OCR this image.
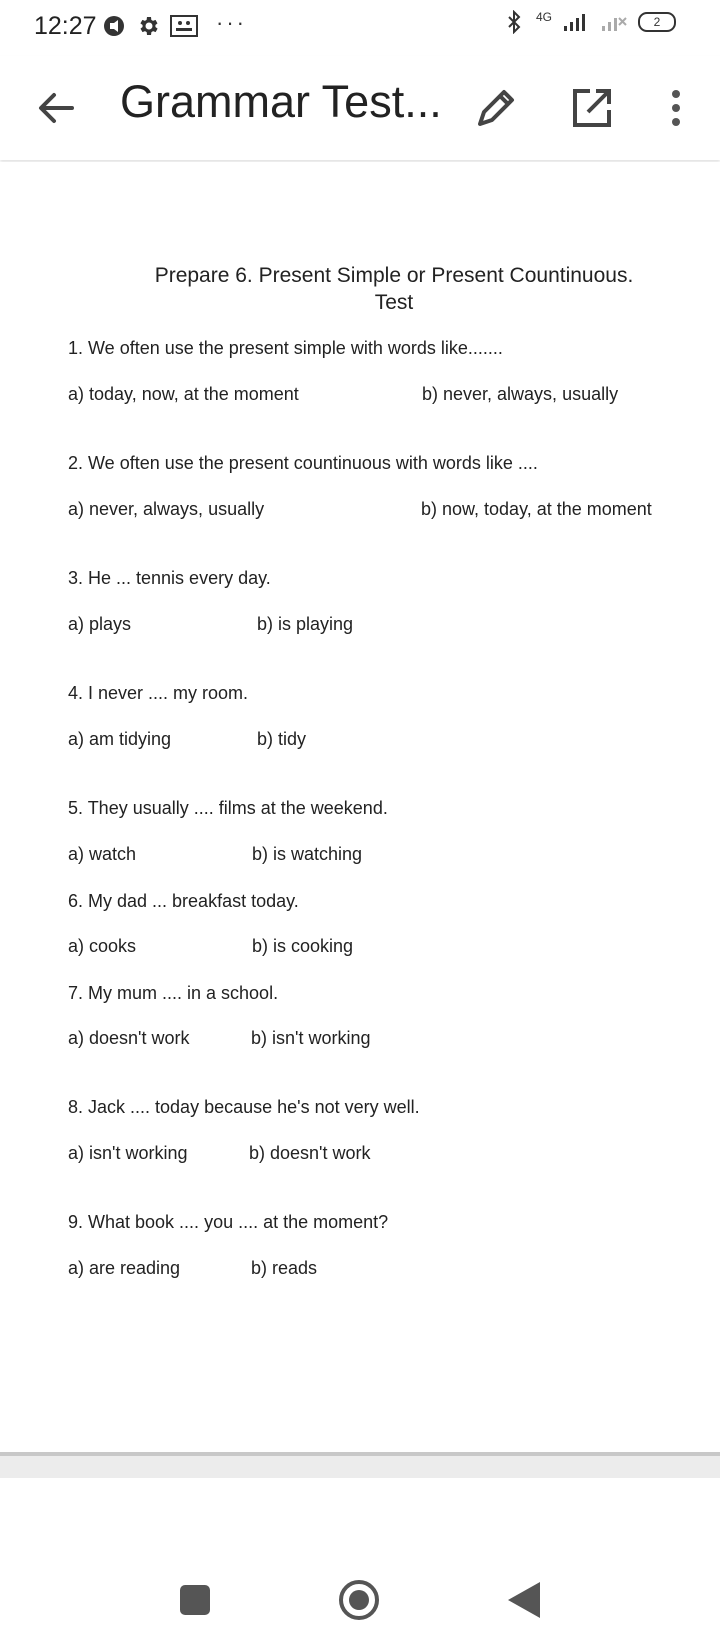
12:27	···	4G	2
Grammar Test...
Prepare 6. Present Simple or Present Countinuous.
Test
1. We often use the present simple with words like.......
a) today, now, at the moment	b) never, always, usually
2. We often use the present countinuous with words like ....
a) never, always, usually	b) now, today, at the moment
3. He ... tennis every day.
a) plays	b) is playing
4. I never .... my room.
a) am tidying	b) tidy
5. They usually .... films at the weekend.
a) watch	b) is watching
6. My dad ... breakfast today.
a) cooks	b) is cooking
7. My mum .... in a school.
a) doesn't work	b) isn't working
8. Jack .... today because he's not very well.
a) isn't working	b) doesn't work
9. What book .... you .... at the moment?
a) are reading	b) reads
